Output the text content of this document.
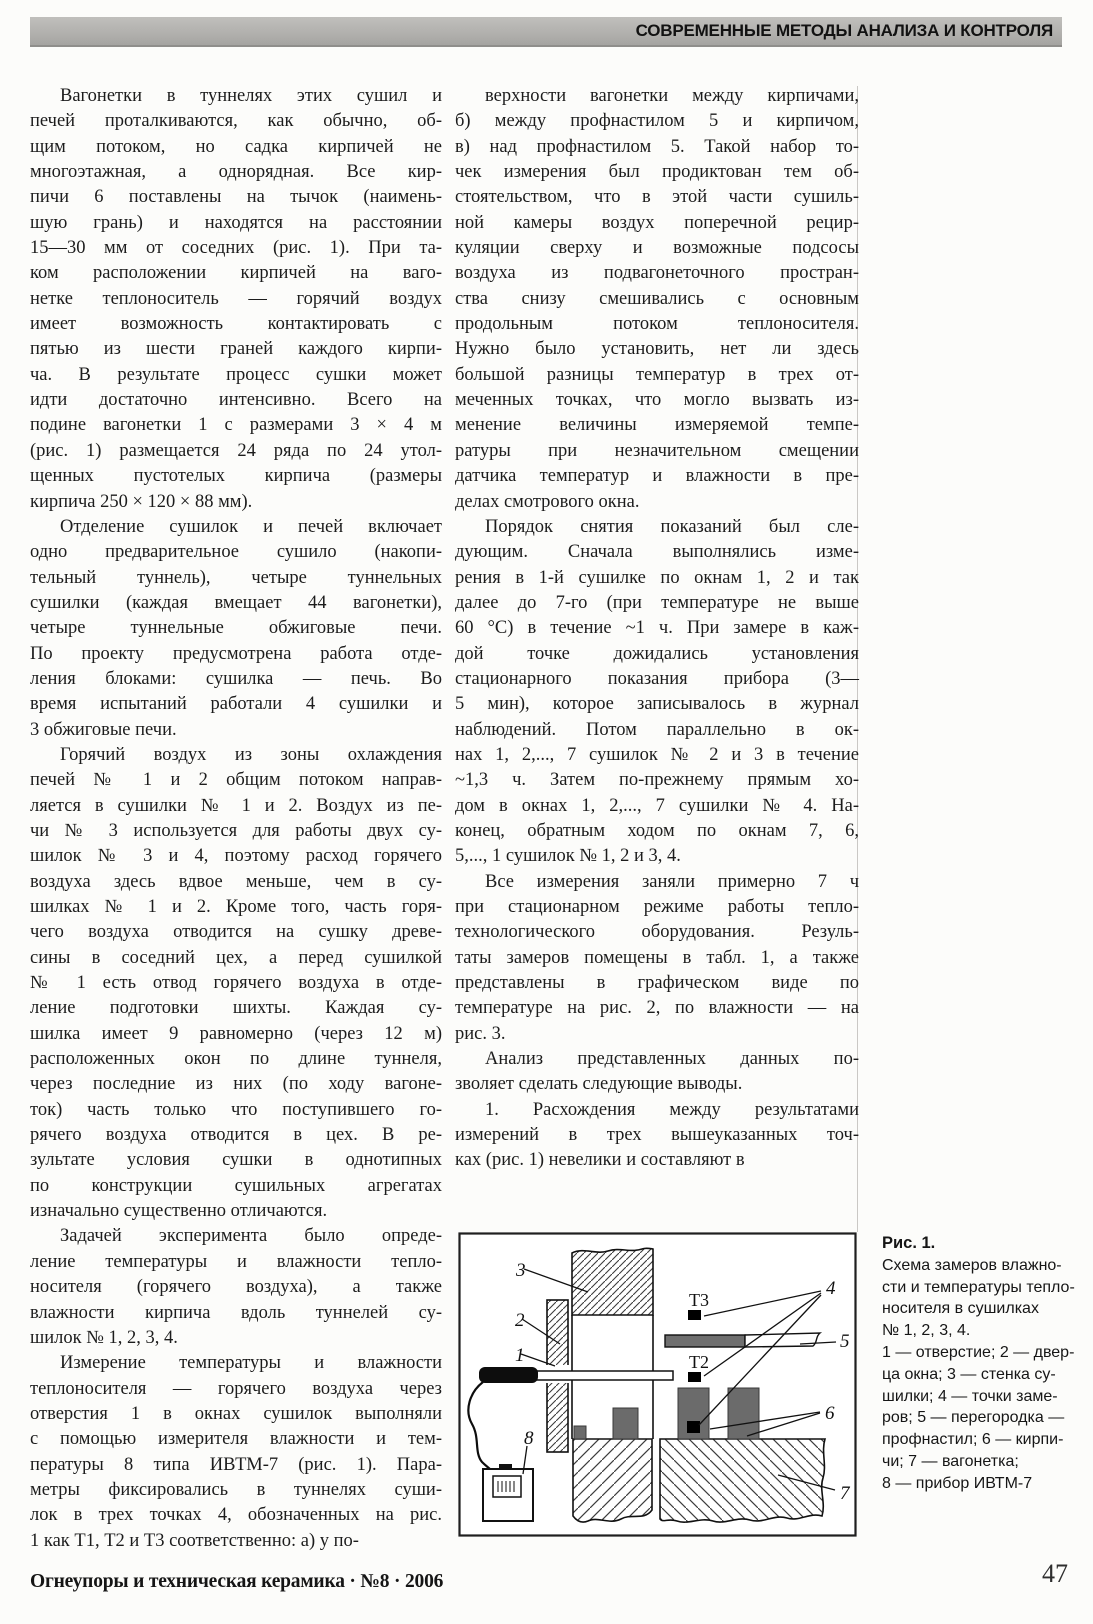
СОВРЕМЕННЫЕ МЕТОДЫ АНАЛИЗА И КОНТРОЛЯ
Вагонетки в туннелях этих сушил и
печей проталкиваются, как обычно, об-
щим потоком, но садка кирпичей не
многоэтажная, а однорядная. Все кир-
пичи 6 поставлены на тычок (наимень-
шую грань) и находятся на расстоянии
15—30 мм от соседних (рис. 1). При та-
ком расположении кирпичей на ваго-
нетке теплоноситель — горячий воздух
имеет возможность контактировать с
пятью из шести граней каждого кирпи-
ча. В результате процесс сушки может
идти достаточно интенсивно. Всего на
подине вагонетки 1 с размерами 3 × 4 м
(рис. 1) размещается 24 ряда по 24 утол-
щенных пустотелых кирпича (размеры
кирпича 250 × 120 × 88 мм).
Отделение сушилок и печей включает
одно предварительное сушило (накопи-
тельный туннель), четыре туннельных
сушилки (каждая вмещает 44 вагонетки),
четыре туннельные обжиговые печи.
По проекту предусмотрена работа отде-
ления блоками: сушилка — печь. Во
время испытаний работали 4 сушилки и
3 обжиговые печи.
Горячий воздух из зоны охлаждения
печей № 1 и 2 общим потоком направ-
ляется в сушилки № 1 и 2. Воздух из пе-
чи № 3 используется для работы двух су-
шилок № 3 и 4, поэтому расход горячего
воздуха здесь вдвое меньше, чем в су-
шилках № 1 и 2. Кроме того, часть горя-
чего воздуха отводится на сушку древе-
сины в соседний цех, а перед сушилкой
№ 1 есть отвод горячего воздуха в отде-
ление подготовки шихты. Каждая су-
шилка имеет 9 равномерно (через 12 м)
расположенных окон по длине туннеля,
через последние из них (по ходу вагоне-
ток) часть только что поступившего го-
рячего воздуха отводится в цех. В ре-
зультате условия сушки в однотипных
по конструкции сушильных агрегатах
изначально существенно отличаются.
Задачей эксперимента было опреде-
ление температуры и влажности тепло-
носителя (горячего воздуха), а также
влажности кирпича вдоль туннелей су-
шилок № 1, 2, 3, 4.
Измерение температуры и влажности
теплоносителя — горячего воздуха через
отверстия 1 в окнах сушилок выполняли
с помощью измерителя влажности и тем-
пературы 8 типа ИВТМ-7 (рис. 1). Пара-
метры фиксировались в туннелях суши-
лок в трех точках 4, обозначенных на рис.
1 как Т1, Т2 и Т3 соответственно: а) у по-
верхности вагонетки между кирпичами,
б) между профнастилом 5 и кирпичом,
в) над профнастилом 5. Такой набор то-
чек измерения был продиктован тем об-
стоятельством, что в этой части сушиль-
ной камеры воздух поперечной рецир-
куляции сверху и возможные подсосы
воздуха из подвагонеточного простран-
ства снизу смешивались с основным
продольным потоком теплоносителя.
Нужно было установить, нет ли здесь
большой разницы температур в трех от-
меченных точках, что могло вызвать из-
менение величины измеряемой темпе-
ратуры при незначительном смещении
датчика температур и влажности в пре-
делах смотрового окна.
Порядок снятия показаний был сле-
дующим. Сначала выполнялись изме-
рения в 1-й сушилке по окнам 1, 2 и так
далее до 7-го (при температуре не выше
60 °С) в течение ~1 ч. При замере в каж-
дой точке дожидались установления
стационарного показания прибора (3—
5 мин), которое записывалось в журнал
наблюдений. Потом параллельно в ок-
нах 1, 2,..., 7 сушилок № 2 и 3 в течение
~1,3 ч. Затем по-прежнему прямым хо-
дом в окнах 1, 2,..., 7 сушилки № 4. На-
конец, обратным ходом по окнам 7, 6,
5,..., 1 сушилок № 1, 2 и 3, 4.
Все измерения заняли примерно 7 ч
при стационарном режиме работы тепло-
технологического оборудования. Резуль-
таты замеров помещены в табл. 1, а также
представлены в графическом виде по
температуре на рис. 2, по влажности — на
рис. 3.
Анализ представленных данных по-
зволяет сделать следующие выводы.
1. Расхождения между результатами
измерений в трех вышеуказанных точ-
ках (рис. 1) невелики и составляют в
3
2
1
8
4
5
6
7
Т3
Т2
Рис. 1.
Схема замеров влажно-
сти и температуры тепло-
носителя в сушилках
№ 1, 2, 3, 4.
1 — отверстие; 2 — двер-
ца окна; 3 — стенка су-
шилки; 4 — точки заме-
ров; 5 — перегородка —
профнастил; 6 — кирпи-
чи; 7 — вагонетка;
8 — прибор ИВТМ-7
Огнеупоры и техническая керамика · №8 · 2006	47
